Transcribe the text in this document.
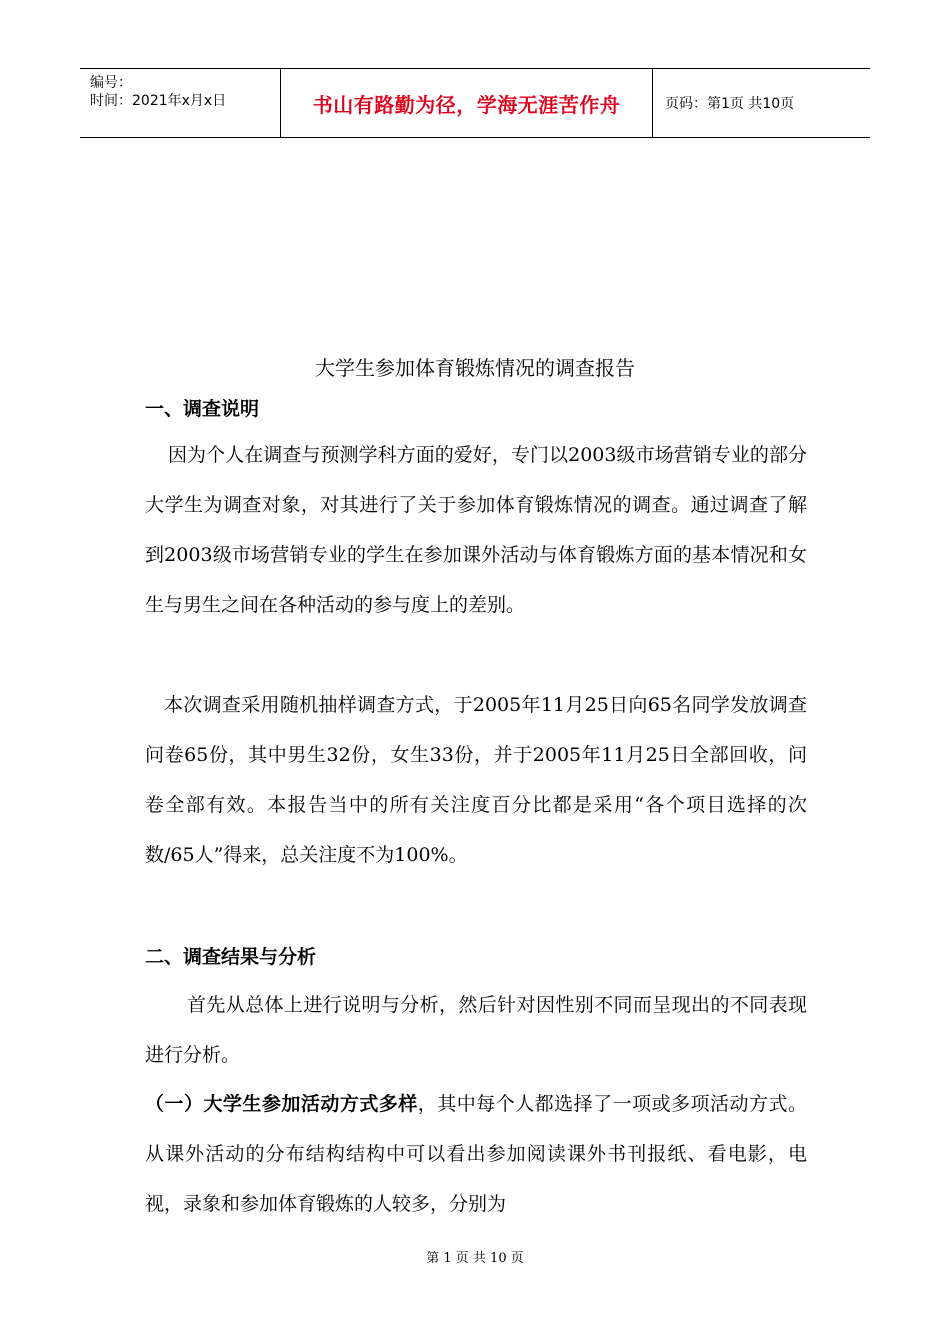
编号：
时间：2021年x月x日	书山有路勤为径，学海无涯苦作舟	页码：第1页 共10页
大学生参加体育锻炼情况的调查报告
一、调查说明

因为个人在调查与预测学科方面的爱好，专门以2003级市场营销专业的部分大学生为调查对象，对其进行了关于参加体育锻炼情况的调查。通过调查了解到2003级市场营销专业的学生在参加课外活动与体育锻炼方面的基本情况和女生与男生之间在各种活动的参与度上的差别。

本次调查采用随机抽样调查方式，于2005年11月25日向65名同学发放调查问卷65份，其中男生32份，女生33份，并于2005年11月25日全部回收，问卷全部有效。本报告当中的所有关注度百分比都是采用“各个项目选择的次数/65人”得来，总关注度不为100%。

二、调查结果与分析

首先从总体上进行说明与分析，然后针对因性别不同而呈现出的不同表现进行分析。

（一）大学生参加活动方式多样，其中每个人都选择了一项或多项活动方式。从课外活动的分布结构结构中可以看出参加阅读课外书刊报纸、看电影，电视，录象和参加体育锻炼的人较多，分别为

第 1 页 共 10 页
